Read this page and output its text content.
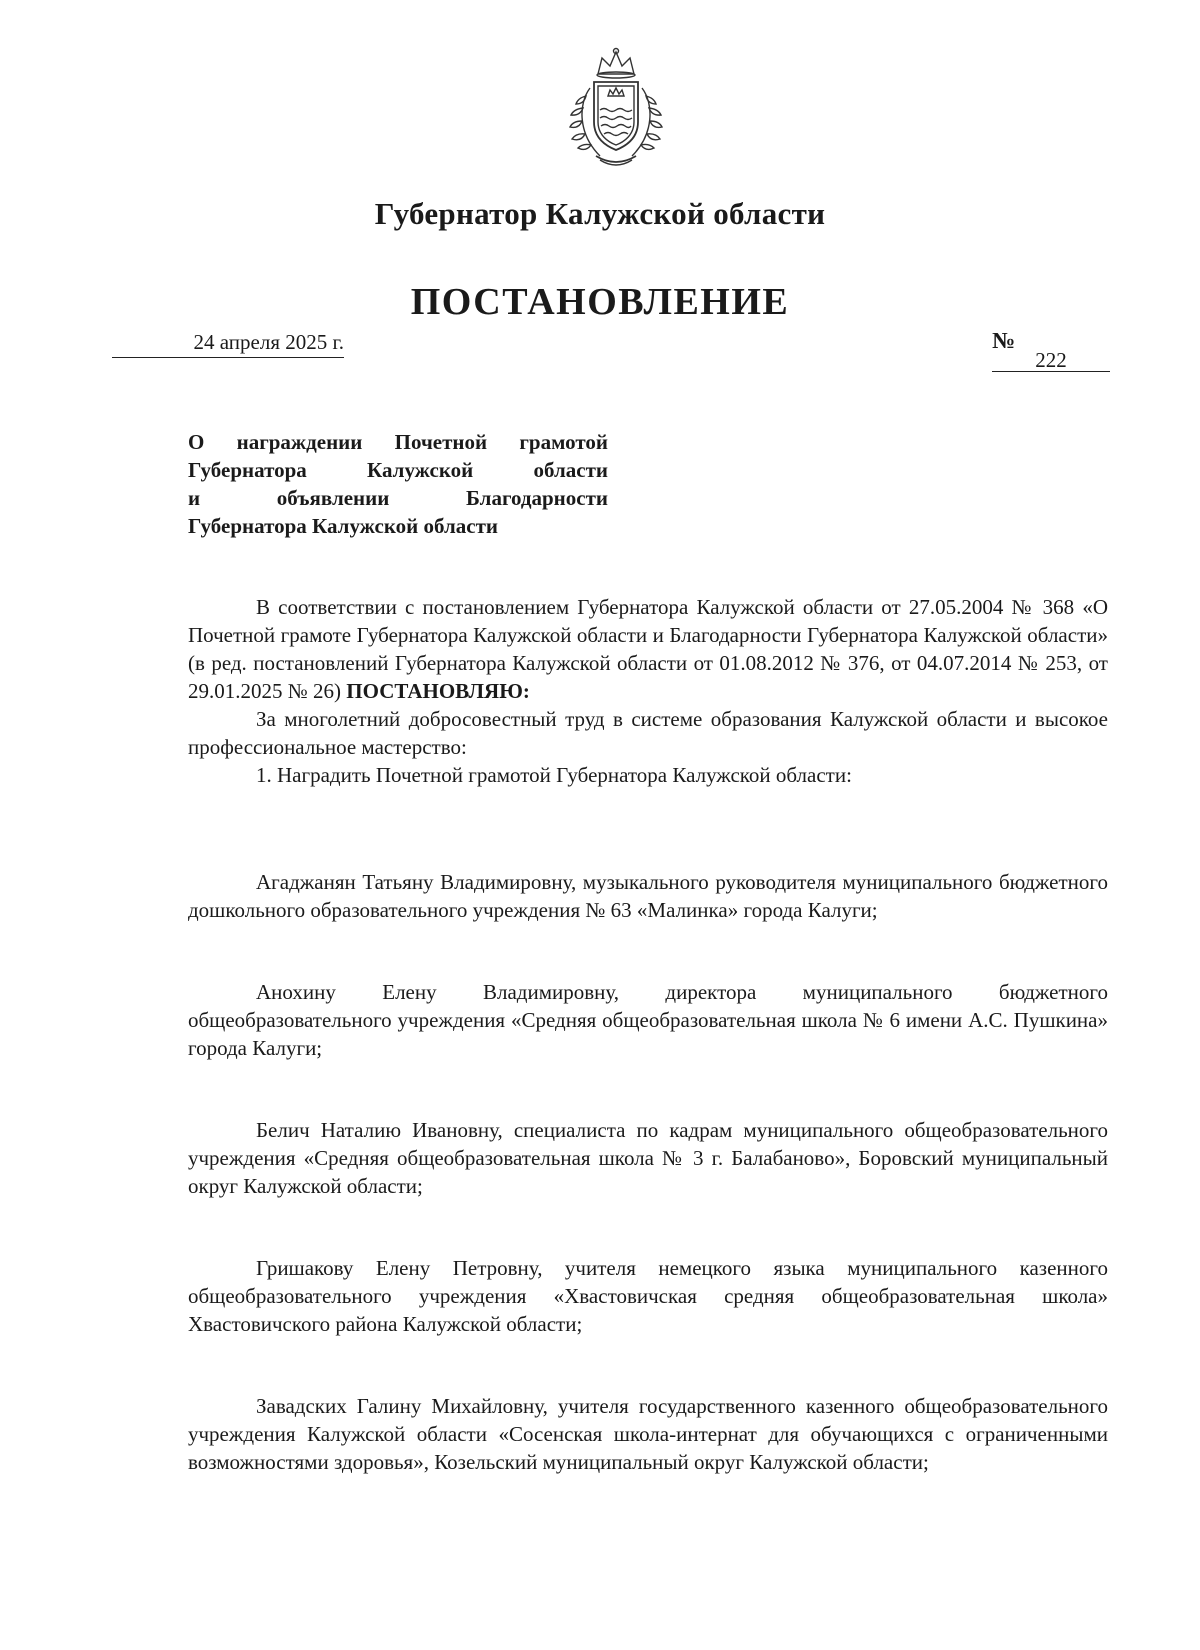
Губернатор Калужской области
ПОСТАНОВЛЕНИЕ
24 апреля 2025 г.	№222
О награждении Почетной грамотой
Губернатора Калужской области
и объявлении Благодарности
Губернатора Калужской области

В соответствии с постановлением Губернатора Калужской области от 27.05.2004 № 368 «О Почетной грамоте Губернатора Калужской области и Благодарности Губернатора Калужской области» (в ред. постановлений Губернатора Калужской области от 01.08.2012 № 376, от 04.07.2014 № 253, от 29.01.2025 № 26) ПОСТАНОВЛЯЮ:

За многолетний добросовестный труд в системе образования Калужской области и высокое профессиональное мастерство:

1. Наградить Почетной грамотой Губернатора Калужской области:

Агаджанян Татьяну Владимировну, музыкального руководителя муниципального бюджетного дошкольного образовательного учреждения № 63 «Малинка» города Калуги;

Анохину Елену Владимировну, директора муниципального бюджетного общеобразовательного учреждения «Средняя общеобразовательная школа № 6 имени А.С. Пушкина» города Калуги;

Белич Наталию Ивановну, специалиста по кадрам муниципального общеобразовательного учреждения «Средняя общеобразовательная школа № 3 г. Балабаново», Боровский муниципальный округ Калужской области;

Гришакову Елену Петровну, учителя немецкого языка муниципального казенного общеобразовательного учреждения «Хвастовичская средняя общеобразовательная школа» Хвастовичского района Калужской области;

Завадских Галину Михайловну, учителя государственного казенного общеобразовательного учреждения Калужской области «Сосенская школа-интернат для обучающихся с ограниченными возможностями здоровья», Козельский муниципальный округ Калужской области;
